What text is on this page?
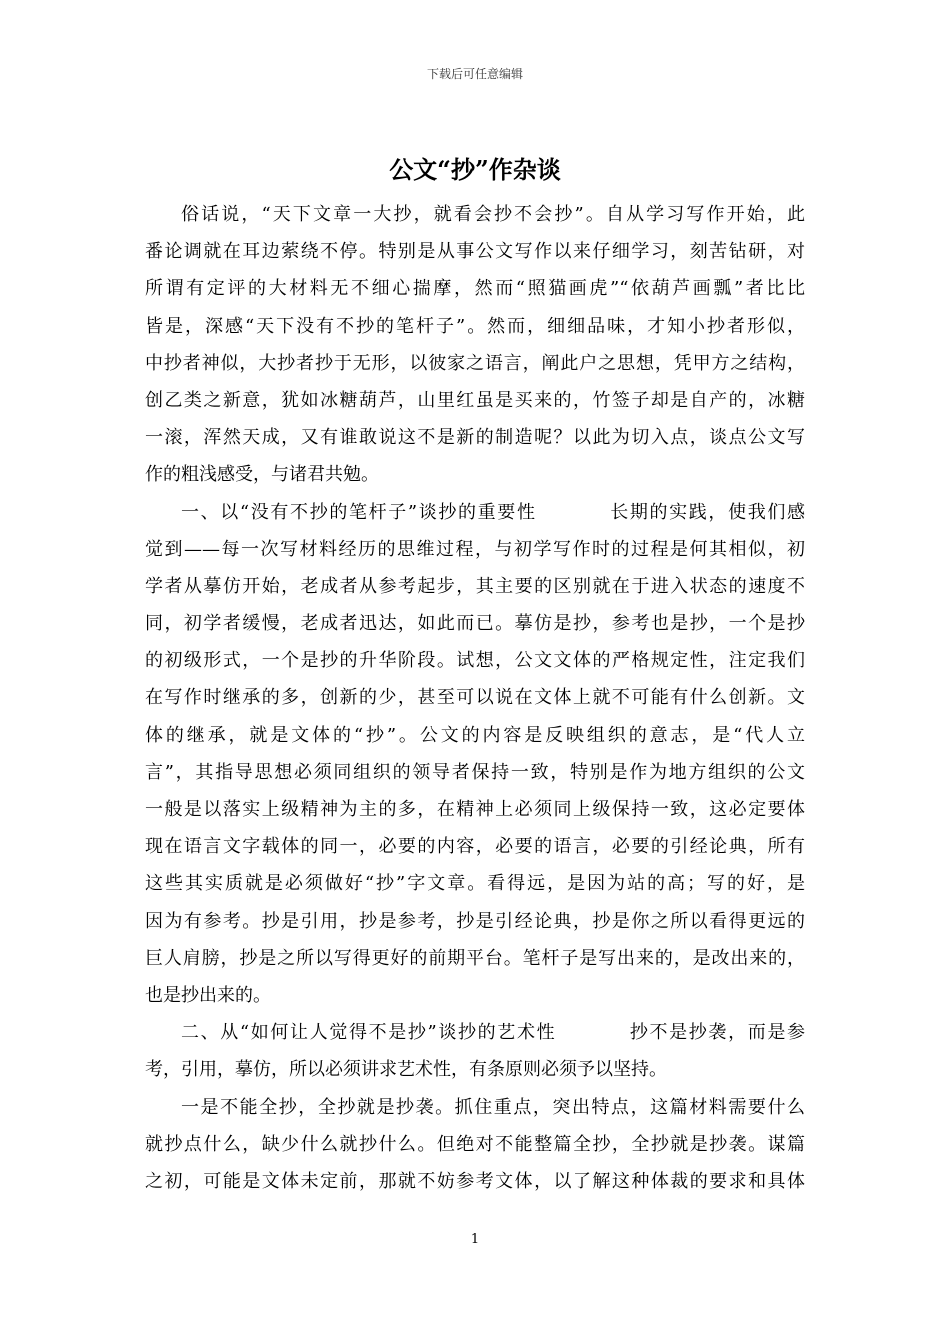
下载后可任意编辑
公文“抄”作杂谈
俗话说，“天下文章一大抄，就看会抄不会抄”。自从学习写作开始，此
番论调就在耳边萦绕不停。特别是从事公文写作以来仔细学习，刻苦钻研，对
所谓有定评的大材料无不细心揣摩，然而“照猫画虎”“依葫芦画瓢”者比比
皆是，深感“天下没有不抄的笔杆子”。然而，细细品味，才知小抄者形似，
中抄者神似，大抄者抄于无形，以彼家之语言，阐此户之思想，凭甲方之结构，
创乙类之新意，犹如冰糖葫芦，山里红虽是买来的，竹签子却是自产的，冰糖
一滚，浑然天成，又有谁敢说这不是新的制造呢？以此为切入点，谈点公文写
作的粗浅感受，与诸君共勉。
一、以“没有不抄的笔杆子”谈抄的重要性          长期的实践，使我们感
觉到——每一次写材料经历的思维过程，与初学写作时的过程是何其相似，初
学者从摹仿开始，老成者从参考起步，其主要的区别就在于进入状态的速度不
同，初学者缓慢，老成者迅达，如此而已。摹仿是抄，参考也是抄，一个是抄
的初级形式，一个是抄的升华阶段。试想，公文文体的严格规定性，注定我们
在写作时继承的多，创新的少，甚至可以说在文体上就不可能有什么创新。文
体的继承，就是文体的“抄”。公文的内容是反映组织的意志，是“代人立
言”，其指导思想必须同组织的领导者保持一致，特别是作为地方组织的公文
一般是以落实上级精神为主的多，在精神上必须同上级保持一致，这必定要体
现在语言文字载体的同一，必要的内容，必要的语言，必要的引经论典，所有
这些其实质就是必须做好“抄”字文章。看得远，是因为站的高；写的好，是
因为有参考。抄是引用，抄是参考，抄是引经论典，抄是你之所以看得更远的
巨人肩膀，抄是之所以写得更好的前期平台。笔杆子是写出来的，是改出来的，
也是抄出来的。
二、从“如何让人觉得不是抄”谈抄的艺术性          抄不是抄袭，而是参
考，引用，摹仿，所以必须讲求艺术性，有条原则必须予以坚持。
一是不能全抄，全抄就是抄袭。抓住重点，突出特点，这篇材料需要什么
就抄点什么，缺少什么就抄什么。但绝对不能整篇全抄，全抄就是抄袭。谋篇
之初，可能是文体未定前，那就不妨参考文体，以了解这种体裁的要求和具体
1
